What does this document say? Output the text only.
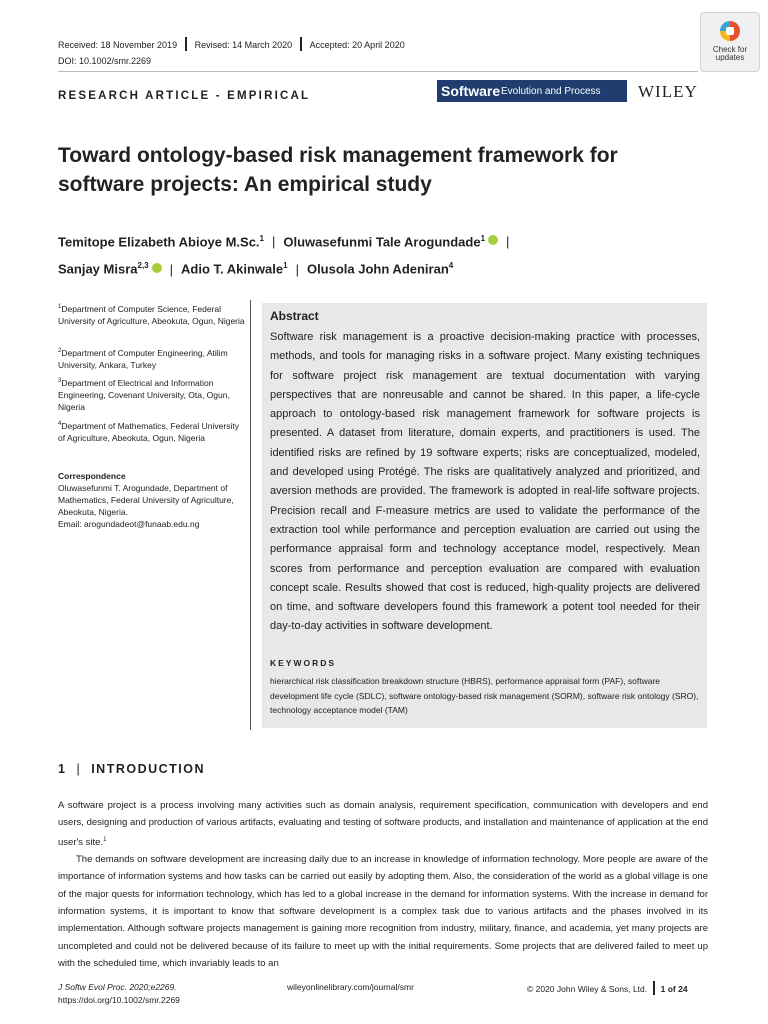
Received: 18 November 2019 Revised: 14 March 2020 Accepted: 20 April 2020
DOI: 10.1002/smr.2269
Check for
updates
RESEARCH ARTICLE - EMPIRICAL	Software Evolution and Process WILEY
Toward ontology-based risk management framework for software projects: An empirical study
Temitope Elizabeth Abioye M.Sc.$^1$ | Oluwasefunmi Tale Arogundade$^1$ |
Sanjay Misra$^{2,3}$ | Adio T. Akinwale$^1$ | Olusola John Adeniran$^4$
$^1$Department of Computer Science, Federal University of Agriculture, Abeokuta, Ogun, Nigeria
$^2$Department of Computer Engineering, Atilim University, Ankara, Turkey
$^3$Department of Electrical and Information Engineering, Covenant University, Ota, Ogun, Nigeria
$^4$Department of Mathematics, Federal University of Agriculture, Abeokuta, Ogun, Nigeria
Correspondence
Oluwasefunmi T. Arogundade, Department of Mathematics, Federal University of Agriculture, Abeokuta, Nigeria.
Email: arogundadeot@funaab.edu.ng
Abstract
Software risk management is a proactive decision-making practice with processes, methods, and tools for managing risks in a software project. Many existing techniques for software project risk management are textual documentation with varying perspectives that are nonreusable and cannot be shared. In this paper, a life-cycle approach to ontology-based risk management framework for software projects is presented. A dataset from literature, domain experts, and practitioners is used. The identified risks are refined by 19 software experts; risks are conceptualized, modeled, and developed using Protégé. The risks are qualitatively analyzed and prioritized, and aversion methods are provided. The framework is adopted in real-life software projects. Precision recall and F-measure metrics are used to validate the performance of the extraction tool while performance and perception evaluation are carried out using the performance appraisal form and technology acceptance model, respectively. Mean scores from performance and perception evaluation are compared with evaluation concept scale. Results showed that cost is reduced, high-quality projects are delivered on time, and software developers found this framework a potent tool needed for their day-to-day activities in software development.
KEYWORDS
hierarchical risk classification breakdown structure (HBRS), performance appraisal form (PAF), software development life cycle (SDLC), software ontology-based risk management (SORM), software risk ontology (SRO), technology acceptance model (TAM)
1 | INTRODUCTION

A software project is a process involving many activities such as domain analysis, requirement specification, communication with developers and end users, designing and production of various artifacts, evaluating and testing of software products, and installation and maintenance of application at the end user's site.$^1$

The demands on software development are increasing daily due to an increase in knowledge of information technology. More people are aware of the importance of information systems and how tasks can be carried out easily by adopting them. Also, the consideration of the world as a global village is one of the major quests for information technology, which has led to a global increase in the demand for information systems. With the increase in demand for information systems, it is important to know that software development is a complex task due to various artifacts and the phases involved in its implementation. Although software projects management is gaining more recognition from industry, military, finance, and academia, yet many projects are uncompleted and could not be delivered because of its failure to meet up with the initial requirements. Some projects that are delivered failed to meet up with the scheduled time, which invariably leads to an

J Softw Evol Proc. 2020;e2269.
https://doi.org/10.1002/smr.2269
wileyonlinelibrary.com/journal/smr	© 2020 John Wiley & Sons, Ltd. 1 of 24
